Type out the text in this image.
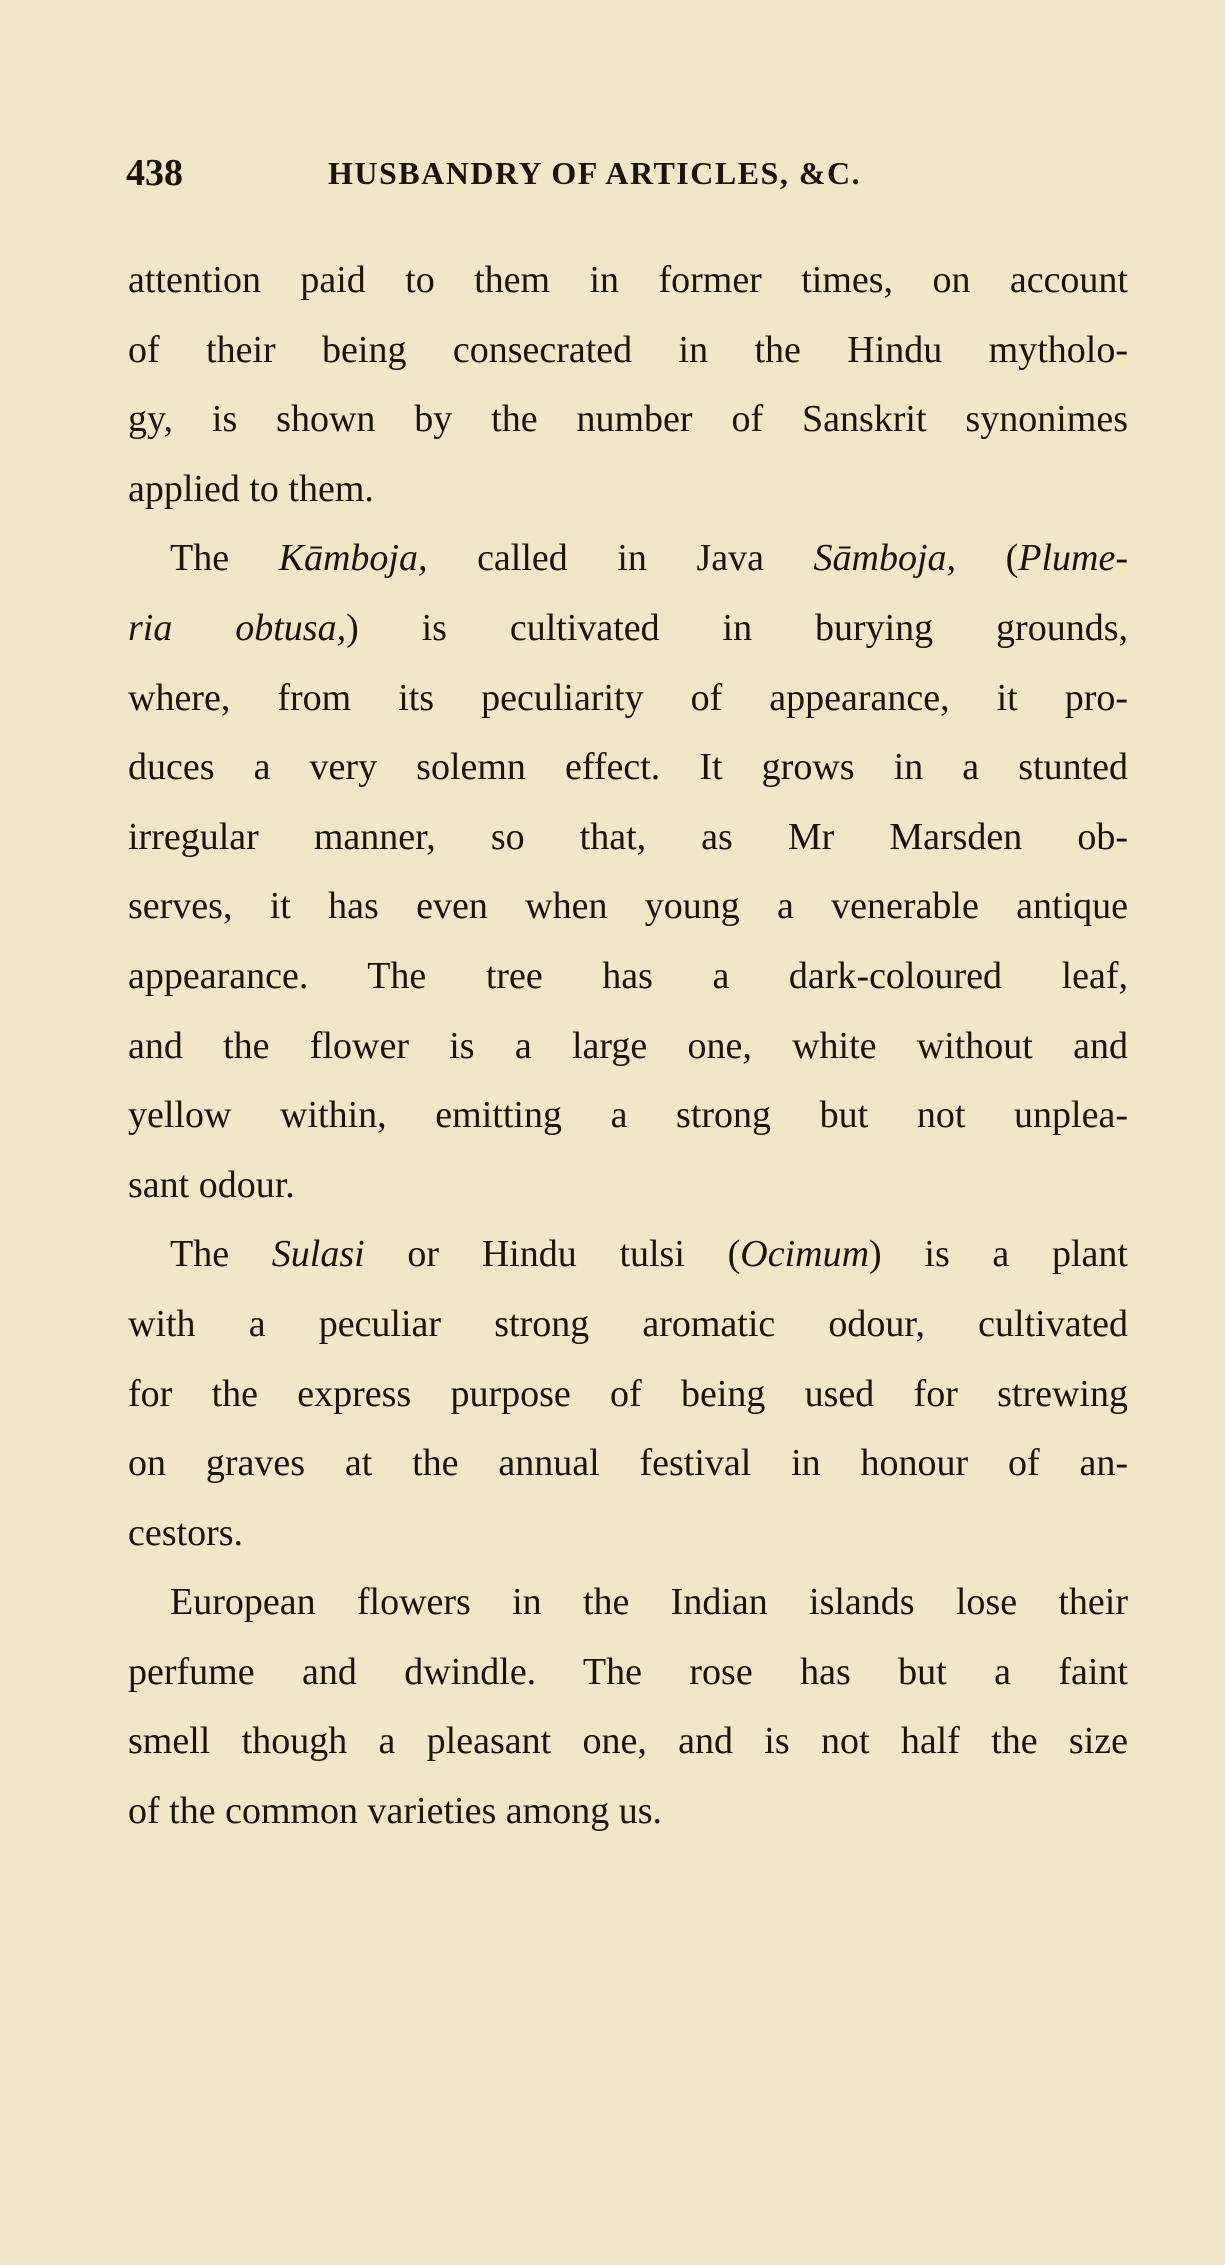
438	HUSBANDRY OF ARTICLES, &C.
attention paid to them in former times, on account
of their being consecrated in the Hindu mytholo-
gy, is shown by the number of Sanskrit synonimes
applied to them.
The Kāmboja, called in Java Sāmboja, (Plume-
ria obtusa,) is cultivated in burying grounds,
where, from its peculiarity of appearance, it pro-
duces a very solemn effect. It grows in a stunted
irregular manner, so that, as Mr Marsden ob-
serves, it has even when young a venerable antique
appearance. The tree has a dark-coloured leaf,
and the flower is a large one, white without and
yellow within, emitting a strong but not unplea-
sant odour.
The Sulasi or Hindu tulsi (Ocimum) is a plant
with a peculiar strong aromatic odour, cultivated
for the express purpose of being used for strewing
on graves at the annual festival in honour of an-
cestors.
European flowers in the Indian islands lose their
perfume and dwindle. The rose has but a faint
smell though a pleasant one, and is not half the size
of the common varieties among us.
